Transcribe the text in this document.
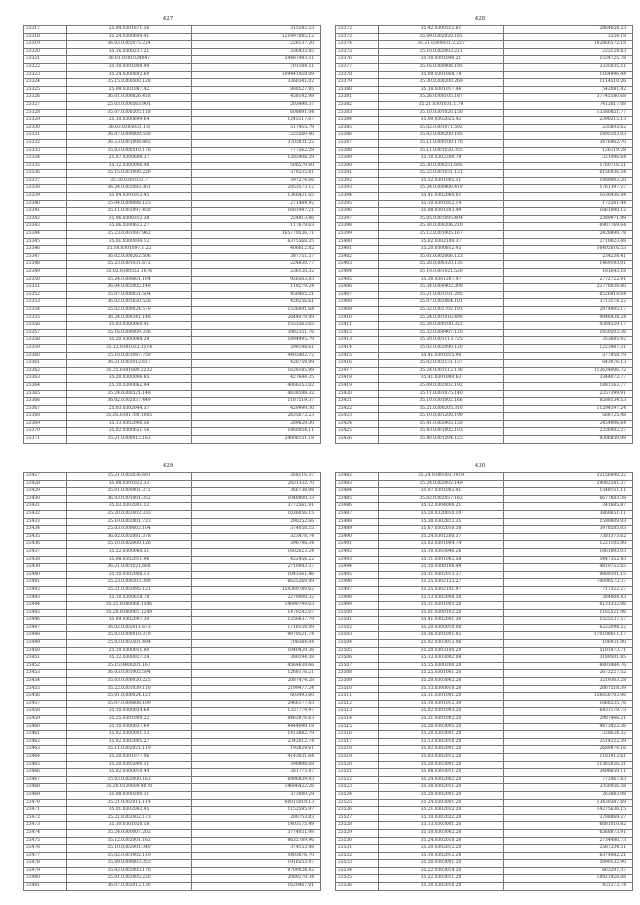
427
23317	25.04.0301871.56	315542.53
23318	35.24.0300604.41	121997085.12
23319	36.03.0302075.224	228137.20
23320	35.16.0300237.21	336433.45
23321	36.01.0301024047	54487443.51
23322	35.10.0301009.99	701184.51
23323	35.24.0300892.60	109441458.09
23324	35.15.0300500.128	3368341.02
23325	25.09.0301087.42	888527.85
23326	36.01.0300826.418	458142.98
23327	25.03.0300563.901	203498.37
23328	35.07.0300205.118	608891.04
23329	25.10.0300699.64	1245117.67
23330	36.03.0305031.1.8	517455.79
23331	36.07.0300009.550	225560.40
23332	36.23.0301008.883	3703831.22
23333	35.03.0300510.178	777562.29
23334	25.07.0300608.37	1285408.29
23335	35.12.0300006.48	506579.60
23336	35.15.0301000.226	378235.81
23337	35.20.0301031.7	397274.66
23338	36.24.0302083.361	2953573.12
23339	35.04.0301012.45	1368421.65
23340	35.04.0300088.123	271484.92
23341	35.11.0302097.459	1681947.21
23342	35.06.0300312.38	254813.46
23343	35.06.0300612.27	117679.63
23344	35.23.0301087.962	165779536.71
23345	35.01.0300034.12	6375568.35
23346	35.18.0301097.1.22	406612.82
23347	36.02.0300262.506	387751.57
23348	35.23.0301031.672	224830.77
23349	35.02.0300553.1076	236128.32
23350	35.24.0300601.104	926563.83
23351	36.04.0302002.148	118279.24
23352	35.07.0300651.504	458465.21
23353	36.02.0301650.528	428256.61
23354	35.02.0300024.579	1536691.64
23355	36.24.0300341.148	2644079.49
23356	35.03.0300060.41	1553363.65
23357	35.16.0300009.336	3982351.76
23358	35.20.0300088.29	1894995.79
23359	35.12.0301022.1514	298148.61
23360	35.10.0301087.759	4403402.72
23361	36.21.0302012.617	428759.89
23362	35.25.0301600.2232	1628185.98
23363	35.20.0300006.65	427644.35
23364	25.10.0300062.94	4066153.82
23365	35.24.0300521.148	4838598.32
23366	36.02.0302037.449	1187519.37
23367	25.03.0302044.37	429999.30
23368	35.05.0301700.1005	2835673.23
23369	35.13.0302000.56	289629.30
23370	35.02.0300621.16	1460054.11
23371	35.21.0300012.162	24606151.18
428
23372	35.42.0300512.61	2864654.23
23373	35.09.0302020.165	3254.19
23374	35.21.0300031.2.227	162866572.18
23375	35.10.0302003.221	223124.63
23376	35.10.0301040.21	1534725.78
23377	35.16.0300906.195	2335035.51
23378	35.09.0301008.78	1164996.44
23379	35.30.0300200.269	1114510.26
23380	35.18.0301017.46	542081.42
23381	35.26.0300105.187	37745180.68
23382	35.21.0301031.1.79	7412617.08
23383	35.10.0301020.150	13380851.77
23384	35.09.0302025.42	2390215.13
23385	35.02.0301071.592	235603.62
23386	35.02.0300200.185	1895103.03
23387	35.11.0300100.170	3876962.70
23388	35.11.0301020.355	126119.28
23389	35.10.0302300.79	321046.64
23390	35.30.0300251.695	1760716.51
23391	35.22.0301031.121	6156936.54
23392	35.52.0301005.11	1989003.20
23393	35.24.0300800.419	1761397.27
23394	35.41.0302060.61	1630436.44
23395	35.10.0301012.14	172281.44
23396	35.08.0301203.49	1661890.12
23397	35.05.0301095.404	2389971.99
23398	35.30.0300206.210	6907769.64
23399	35.12.0301005.167	2428890.78
23400	35.02.0302100.37	2710023.48
23401	35.20.0300812.45	16402616.53
23402	35.01.0302066.123	234238.41
23403	35.28.0300320.135	1469193.01
23404	35.10.0301021.520	181643.18
23405	35.30.0301207.47	2772722.91
23406	35.34.0300402.309	22778038.80
23407	35.21.0301101.295	6526818.64
23408	35.07.0302064.101	3713174.22
23409	35.32.0302702.191	2974905.17
23410	35.24.0301016.499	9948434.24
23411	35.28.0300100.322	4384529.17
23412	35.32.0300407.120	1850503.36
23413	35.20.0301113.725	353685.92
23414	35.02.0302090.120	1223487.31
23415	35.41.0301015.90	377958.79
23416	35.02.0302131.137	643976.13
23417	35.24.0301112.130	112634006.72
23418	35.41.0301080.63	3344073.77
23419	35.09.0302002.192	1881163.77
23420	35.11.0301075.140	2357399.91
23421	35.10.0301002.166	8288134.53
23422	35.21.0300205.310	11294197.24
23423	35.10.0301200.190	568725.48
23424	35.41.0302003.150	2454006.64
23425	35.43.0301002.103	2336002.37
23426	35.40.0301204.122	9306850.98
429
23427	35.21.0302036.691	268116.37
23428	35.08.0301022.33	2831332.70
23429	35.01.0300801.372	366738.98
23430	36.03.0301001.352	1048900.33
23431	35.03.0302001.12	3772561.91
23432	35.20.0302003.333	1036056.15
23433	35.10.0302001.723	290252.66
23434	25.03.0300602.104	374058.55
23435	36.02.0302081.378	323478.74
23436	35.10.0302000.126	396798.34
23437	35.22.0300060.31	1602623.24
23438	35.08.0302011.96	422456.22
23439	36.21.0301021.668	2710043.37
23440	35.10.0302008.13	1043361.46
23441	35.23.0300203.399	6625269.49
23442	35.21.0302095.121	154389789.62
23443	35.10.0300618.78	2279009.32
23444	35.25.0300060.1506	14090799.63
23445	35.28.0300901.1249	1479242.07
23446	35.09.0302097.30	1250637.79
23447	36.02.0302011.673	1718154.09
23448	35.03.0300010.379	9979521.74
23449	25.03.0302501.494	708384.04
23450	25.10.0300011.80	1040429.36
23451	35.12.0300027.24	380194.38
23452	35.15.0400201.167	4564638.66
23453	36.03.0301002.594	1268176.21
23454	35.03.0300020.225	2087474.28
23455	35.22.0301039.110	2199477.24
23456	35.01.0300024.121	603493.60
23457	35.07.0300608.109	2966177.43
23458	35.10.0300024.68	1337779.47
23459	35.25.0301009.22	8463976.63
23460	35.10.0300037.69	8444098.18
23461	35.02.0300001.13	1413882.79
23462	35.02.0302005.27	2342012.74
23463	35.11.0302021.119	193829.61
23464	35.20.0301077.06	4143031.64
23465	35.20.0305000.11	398898.69
23466	35.02.0300010.44	281775.47
23467	35.03.0302000.163	6996839.43
23468	35.20.0120600.4070	14696422.26
23469	35.08.0300200.31	373080.29
23470	35.21.0302011.114	60015019.13
23471	35.01.0302092.95	1152595.97
23472	35.21.0302002.173	280753.83
23473	35.10.0301020.18	1403175.49
23474	35.24.0300007.202	3774031.98
23475	35.12.0302001.162	8635789.96
23476	35.10.0302001.340	374153.48
23477	35.02.0301002.110	5403676.70
23478	35.09.0300003.353	1916553.47
23479	35.02.0302003.170	9709024.82
23480	35.01.0302005.220	2089279.34
23481	36.07.0302012.130	1629467.91
430
23482	35.24.0300303.1919	32156690.22
23483	35.24.0302002.149	29082541.37
23484	35.07.0301002.41	1548151.11
23485	35.02.0302057.162	6677883.38
23486	35.12.0304000.21	341685.87
23487	35.20.0320010.10	3868651.11
23488	35.30.0302812.35	1599809.83
23489	35.07.0302010.38	3978585.03
23490	35.24.0301200.37	7381373.62
23491	35.02.0301004.74	1221105.00
23492	35.10.0303040.26	1861893.03
23493	35.11.0301002.58	5447352.43
23494	35.10.0300108.48	4819752.65
23495	35.11.0302013.37	9889301.15
23496	35.25.0302123.27	70698573.37
23497	35.25.0302101.97	717322.27
23498	35.13.0302008.58	384004.43
23499	35.11.0301003.20	6131332.06
23500	35.01.0300102.20	1165521.06
23501	35.41.0302001.36	1525137.57
23502	35.20.0300010.08	6222094.22
23503	35.36.0301001.02	170108611.17
23504	25.02.0303012.06	106921.00
23505	35.20.0303100.20	5191873.71
23506	35.13.0303002.08	3189501.85
23507	35.35.0300300.20	6803484.76
23508	35.25.0301001.20	2672227.52
23509	35.20.0303002.20	3219363.28
23510	35.13.0300010.20	2067518.39
23511	35.11.0301001.20	156656703.06
23512	35.10.0301012.30	1668235.76
23513	35.02.0301003.20	6431179.73
23514	35.21.0301002.20	2987466.21
23515	35.20.0303005.20	9873422.36
23516	35.20.0303001.20	328624.32
23517	35.13.0302010.20	2514222.39
23518	35.02.0302001.20	2689874.16
23519	35.03.0302012.20	1181913.61
23520	35.20.0303001.20	11365026.31
23521	35.08.0303011.20	3498659.11
23522	35.24.0302002.20	772467.63
23523	35.30.0302011.20	2350056.58
23524	35.20.0302001.20	263883.08
23525	35.24.0303001.20	13439387.69
23526	35.21.0302012.20	14275636.15
23527	35.10.0302022.20	2788869.27
23528	35.13.0303001.20	6681010.82
23529	35.10.0303002.20	6568873.91
23530	35.24.0302010.20	2734480.73
23531	35.20.0302012.20	2587234.51
23532	35.10.0302012.20	6374082.21
23533	35.30.0303001.20	5999132.90
23534	35.22.0303014.20	663297.37
23535	35.22.0303011.20	18921428.88
23536	35.30.0302010.20	451373.74
